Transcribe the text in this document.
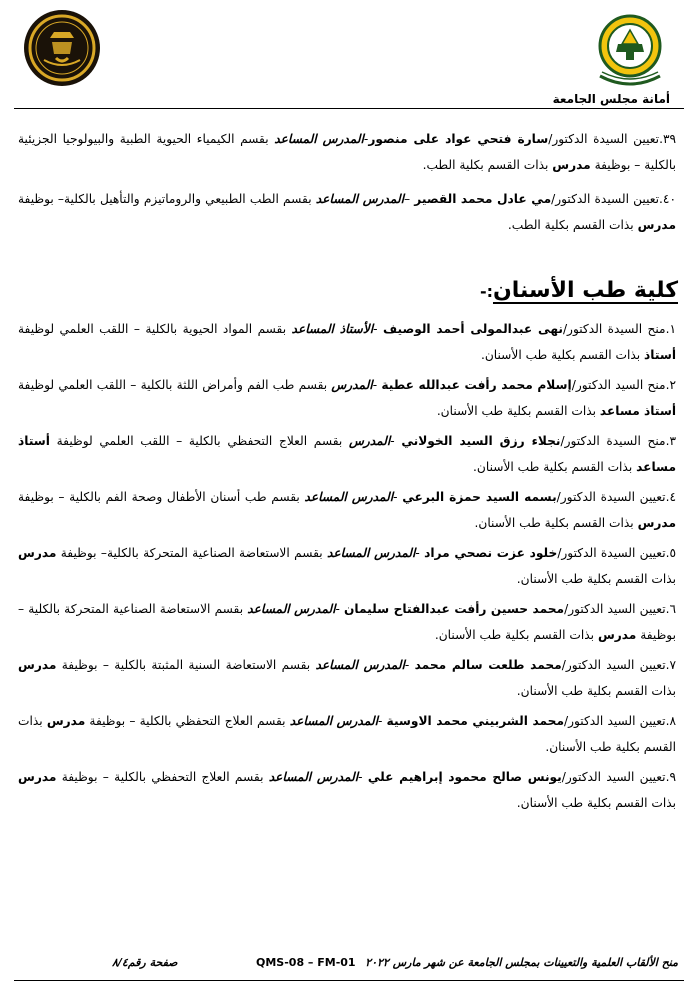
أمانة مجلس الجامعة

٣٩.تعيين السيدة الدكتور/سارة فتحي عواد على منصور-المدرس المساعد بقسم الكيمياء الحيوية الطبية والبيولوجيا الجزيئية بالكلية – بوظيفة مدرس بذات القسم بكلية الطب.

٤٠.تعيين السيدة الدكتور/مي عادل محمد القصير –المدرس المساعد بقسم الطب الطبيعي والروماتيزم والتأهيل بالكلية– بوظيفة مدرس بذات القسم بكلية الطب.

كلية طب الأسنان:-

١.منح السيدة الدكتور/نهى عبدالمولى أحمد الوصيف -الأستاذ المساعد بقسم المواد الحيوية بالكلية – اللقب العلمي لوظيفة أستاذ بذات القسم بكلية طب الأسنان.

٢.منح السيد الدكتور/إسلام محمد رأفت عبدالله عطية -المدرس بقسم طب الفم وأمراض اللثة بالكلية – اللقب العلمي لوظيفة أستاذ مساعد بذات القسم بكلية طب الأسنان.

٣.منح السيدة الدكتور/نجلاء رزق السيد الخولاني -المدرس بقسم العلاج التحفظي بالكلية – اللقب العلمي لوظيفة أستاذ مساعد بذات القسم بكلية طب الأسنان.

٤.تعيين السيدة الدكتور/بسمه السيد حمزة البرعي -المدرس المساعد بقسم طب أسنان الأطفال وصحة الفم بالكلية – بوظيفة مدرس بذات القسم بكلية طب الأسنان.

٥.تعيين السيدة الدكتور/خلود عزت نصحي مراد -المدرس المساعد بقسم الاستعاضة الصناعية المتحركة بالكلية– بوظيفة مدرس بذات القسم بكلية طب الأسنان.

٦.تعيين السيد الدكتور/محمد حسين رأفت عبدالفتاح سليمان -المدرس المساعد بقسم الاستعاضة الصناعية المتحركة بالكلية – بوظيفة مدرس بذات القسم بكلية طب الأسنان.

٧.تعيين السيد الدكتور/محمد طلعت سالم محمد -المدرس المساعد بقسم الاستعاضة السنية المثبتة بالكلية – بوظيفة مدرس بذات القسم بكلية طب الأسنان.

٨.تعيين السيد الدكتور/محمد الشربيني محمد الاوسية -المدرس المساعد بقسم العلاج التحفظي بالكلية – بوظيفة مدرس بذات القسم بكلية طب الأسنان.

٩.تعيين السيد الدكتور/يونس صالح محمود إبراهيم علي -المدرس المساعد بقسم العلاج التحفظي بالكلية – بوظيفة مدرس بذات القسم بكلية طب الأسنان.

منح الألقاب العلمية والتعيينات بمجلس الجامعة عن شهر مارس ٢٠٢٢
QMS-08 – FM-01
صفحة رقم٨/٤
